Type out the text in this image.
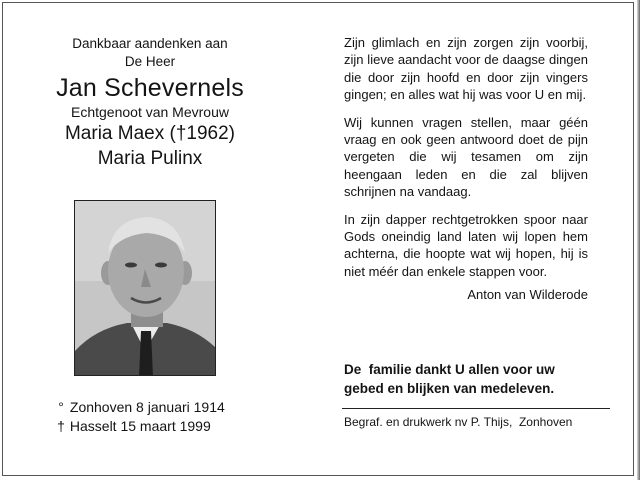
Dankbaar aandenken aan
De Heer
Jan Schevernels
Echtgenoot van Mevrouw
Maria Maex (†1962)
Maria Pulinx
° Zonhoven 8 januari 1914
† Hasselt 15 maart 1999

Zijn glimlach en zijn zorgen zijn voorbij, zijn lieve aandacht voor de daagse dingen die door zijn hoofd en door zijn vingers gingen; en alles wat hij was voor U en mij.

Wij kunnen vragen stellen, maar géén vraag en ook geen antwoord doet de pijn vergeten die wij tesamen om zijn heengaan leden en die zal blijven schrijnen na vandaag.

In zijn dapper rechtgetrokken spoor naar Gods oneindig land laten wij lopen hem achterna, die hoopte wat wij hopen, hij is niet méér dan enkele stappen voor.

Anton van Wilderode
De  familie dankt U allen voor uw
gebed en blijken van medeleven.
Begraf. en drukwerk nv P. Thijs,  Zonhoven
